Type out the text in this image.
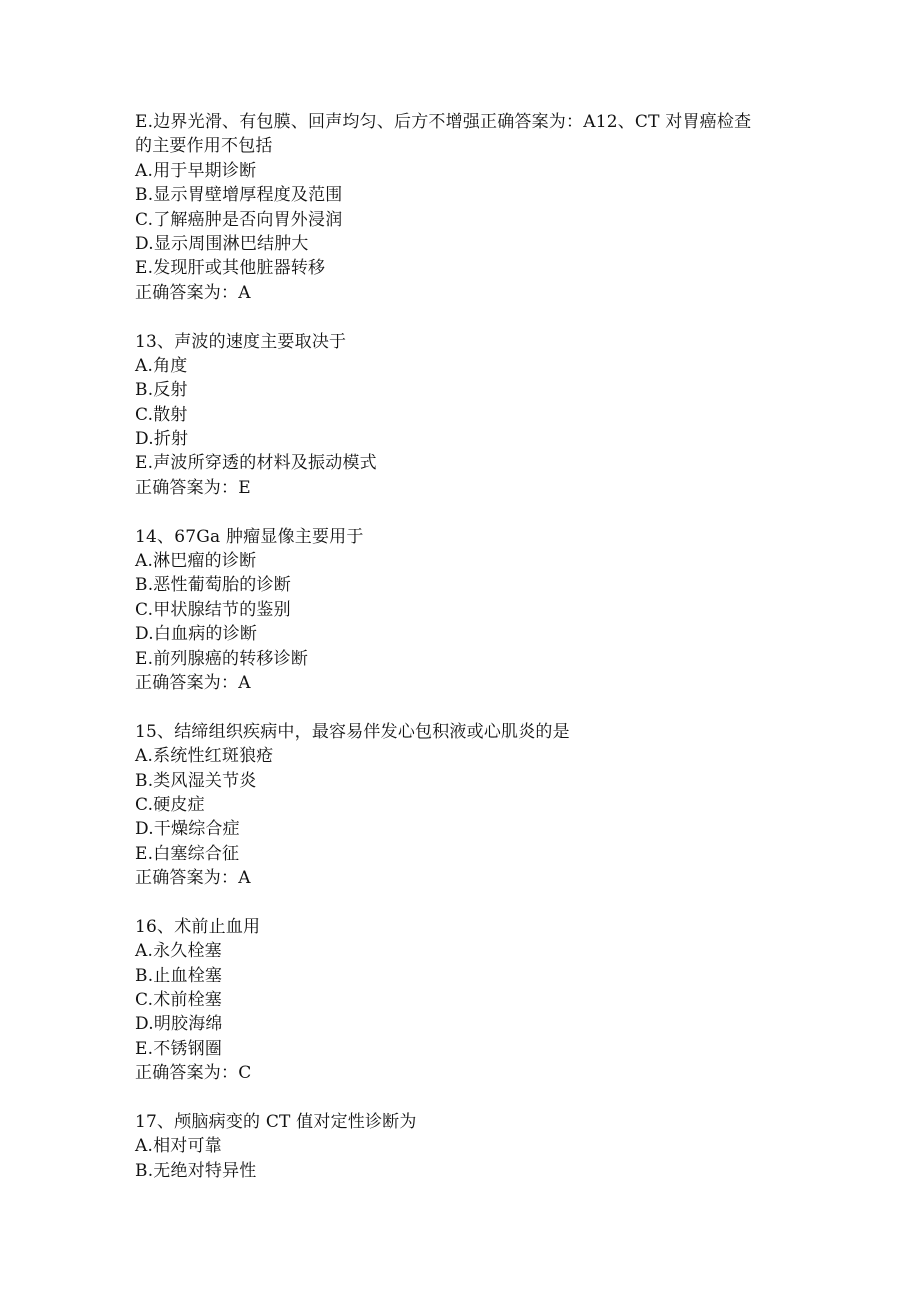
E.边界光滑、有包膜、回声均匀、后方不增强正确答案为：A12、CT 对胃癌检查
的主要作用不包括
A.用于早期诊断
B.显示胃壁增厚程度及范围
C.了解癌肿是否向胃外浸润
D.显示周围淋巴结肿大
E.发现肝或其他脏器转移
正确答案为：A
13、声波的速度主要取决于
A.角度
B.反射
C.散射
D.折射
E.声波所穿透的材料及振动模式
正确答案为：E
14、67Ga 肿瘤显像主要用于
A.淋巴瘤的诊断
B.恶性葡萄胎的诊断
C.甲状腺结节的鉴别
D.白血病的诊断
E.前列腺癌的转移诊断
正确答案为：A
15、结缔组织疾病中，最容易伴发心包积液或心肌炎的是
A.系统性红斑狼疮
B.类风湿关节炎
C.硬皮症
D.干燥综合症
E.白塞综合征
正确答案为：A
16、术前止血用
A.永久栓塞
B.止血栓塞
C.术前栓塞
D.明胶海绵
E.不锈钢圈
正确答案为：C
17、颅脑病变的 CT 值对定性诊断为
A.相对可靠
B.无绝对特异性
